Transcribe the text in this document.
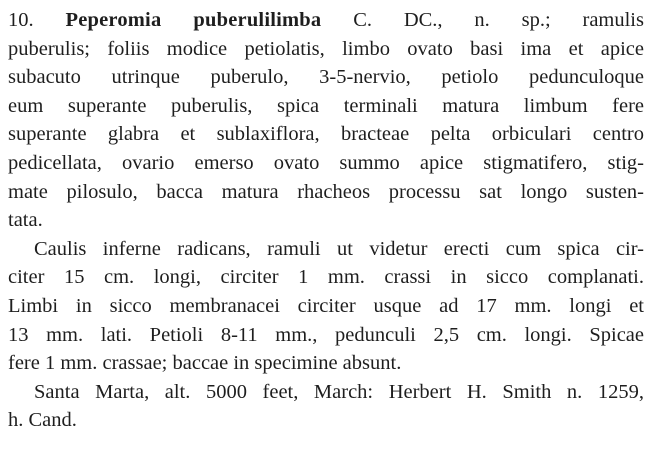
10. Peperomia puberulilimba C. DC., n. sp.; ramulis
puberulis; foliis modice petiolatis, limbo ovato basi ima et apice
subacuto utrinque puberulo, 3-5-nervio, petiolo pedunculoque
eum superante puberulis, spica terminali matura limbum fere
superante glabra et sublaxiflora, bracteae pelta orbiculari centro
pedicellata, ovario emerso ovato summo apice stigmatifero, stig-
mate pilosulo, bacca matura rhacheos processu sat longo susten-
tata.
Caulis inferne radicans, ramuli ut videtur erecti cum spica cir-
citer 15 cm. longi, circiter 1 mm. crassi in sicco complanati.
Limbi in sicco membranacei circiter usque ad 17 mm. longi et
13 mm. lati. Petioli 8-11 mm., pedunculi 2,5 cm. longi. Spicae
fere 1 mm. crassae; baccae in specimine absunt.
Santa Marta, alt. 5000 feet, March: Herbert H. Smith n. 1259,
h. Cand.
